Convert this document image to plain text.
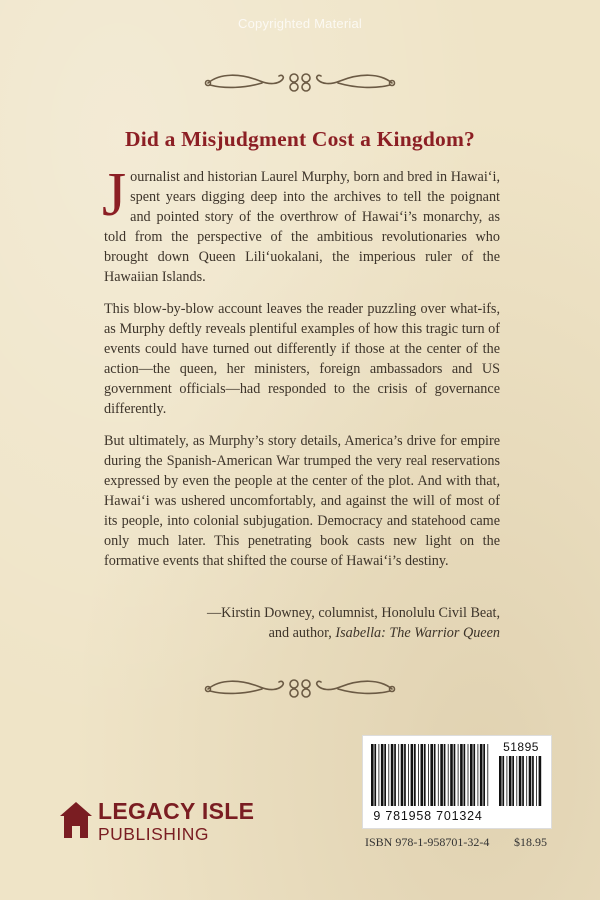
Copyrighted Material
Did a Misjudgment Cost a Kingdom?

Journalist and historian Laurel Murphy, born and bred in Hawai‘i, spent years digging deep into the archives to tell the poignant and pointed story of the overthrow of Hawai‘i’s monarchy, as told from the perspective of the ambitious revolutionaries who brought down Queen Lili‘uokalani, the imperious ruler of the Hawaiian Islands.

This blow-by-blow account leaves the reader puzzling over what-ifs, as Murphy deftly reveals plentiful examples of how this tragic turn of events could have turned out differently if those at the center of the action—the queen, her ministers, foreign ambassadors and US government officials—had responded to the crisis of governance differently.

But ultimately, as Murphy’s story details, America’s drive for empire during the Spanish-American War trumped the very real reservations expressed by even the people at the center of the plot. And with that, Hawai‘i was ushered uncomfortably, and against the will of most of its people, into colonial subjugation. Democracy and statehood came only much later. This penetrating book casts new light on the formative events that shifted the course of Hawai‘i’s destiny.

—Kirstin Downey, columnist, Honolulu Civil Beat,
and author, Isabella: The Warrior Queen
LEGACY ISLE
PUBLISHING
51895
9 781958 701324
ISBN 978-1-958701-32-4 $18.95
